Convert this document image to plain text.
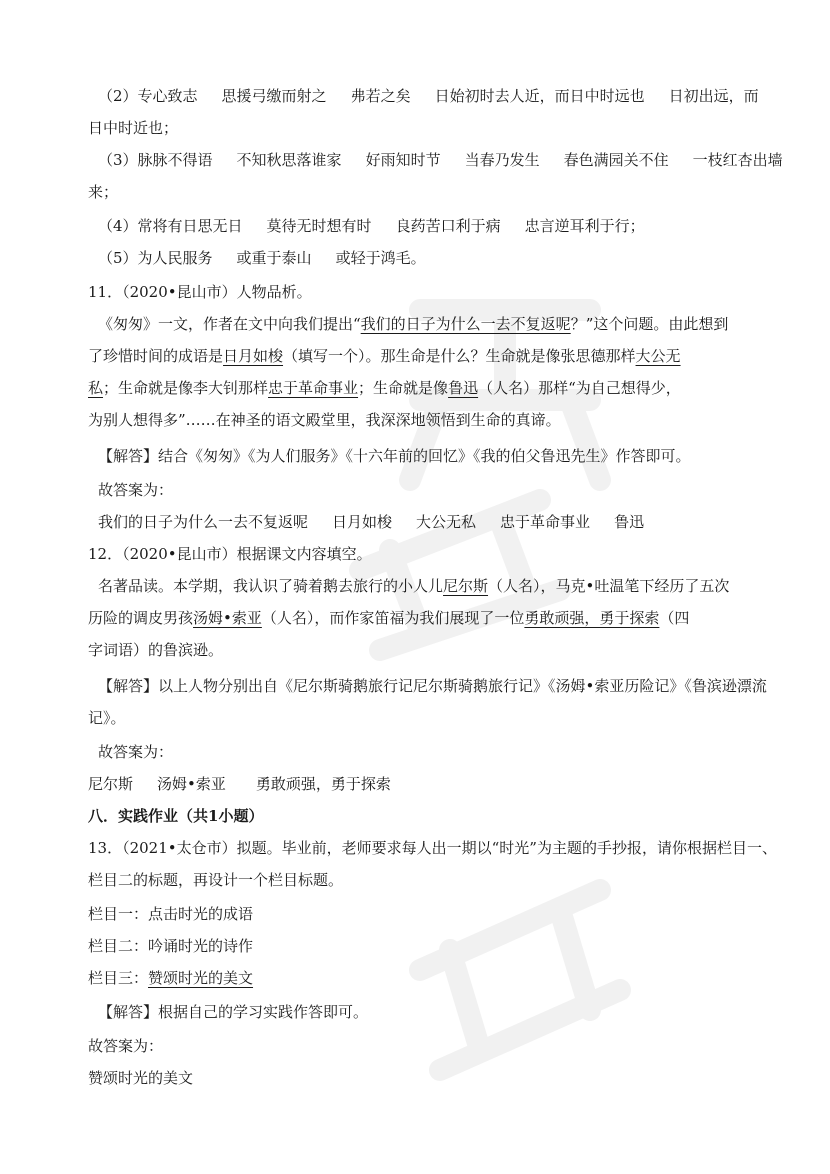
（2）专心致志 思援弓缴而射之 弗若之矣 日始初时去人近，而日中时远也 日初出远，而
日中时近也；
（3）脉脉不得语 不知秋思落谁家 好雨知时节 当春乃发生 春色满园关不住 一枝红杏出墙
来；
（4）常将有日思无日 莫待无时想有时 良药苦口利于病 忠言逆耳利于行；
（5）为人民服务 或重于泰山 或轻于鸿毛。
11．（2020•昆山市）人物品析。
《匆匆》一文，作者在文中向我们提出“我们的日子为什么一去不复返呢？”这个问题。由此想到
了珍惜时间的成语是日月如梭（填写一个）。那生命是什么？生命就是像张思德那样大公无
私；生命就是像李大钊那样忠于革命事业；生命就是像鲁迅（人名）那样“为自己想得少，
为别人想得多”……在神圣的语文殿堂里，我深深地领悟到生命的真谛。
【解答】结合《匆匆》《为人们服务》《十六年前的回忆》《我的伯父鲁迅先生》作答即可。
故答案为：
我们的日子为什么一去不复返呢 日月如梭 大公无私 忠于革命事业 鲁迅
12．（2020•昆山市）根据课文内容填空。
名著品读。本学期，我认识了骑着鹅去旅行的小人儿尼尔斯（人名），马克•吐温笔下经历了五次
历险的调皮男孩汤姆•索亚（人名），而作家笛福为我们展现了一位勇敢顽强，勇于探索（四
字词语）的鲁滨逊。
【解答】以上人物分别出自《尼尔斯骑鹅旅行记尼尔斯骑鹅旅行记》《汤姆•索亚历险记》《鲁滨逊漂流
记》。
故答案为：
尼尔斯 汤姆•索亚 勇敢顽强，勇于探索
八．实践作业（共1小题）
13．（2021•太仓市）拟题。毕业前，老师要求每人出一期以“时光”为主题的手抄报，请你根据栏目一、
栏目二的标题，再设计一个栏目标题。
栏目一：点击时光的成语
栏目二：吟诵时光的诗作
栏目三：赞颂时光的美文
【解答】根据自己的学习实践作答即可。
故答案为：
赞颂时光的美文
